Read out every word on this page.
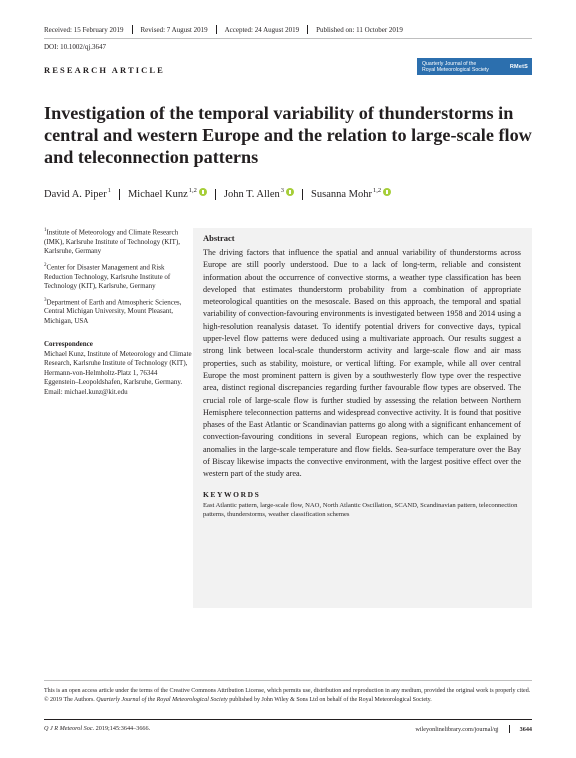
Received: 15 February 2019 Revised: 7 August 2019 Accepted: 24 August 2019 Published on: 11 October 2019
DOI: 10.1002/qj.3647
RESEARCH ARTICLE
Quarterly Journal of the
Royal Meteorological Society	RMetS
Investigation of the temporal variability of thunderstorms in central and western Europe and the relation to large-scale flow and teleconnection patterns
David A. Piper$^1$ Michael Kunz$^{1,2}$	John T. Allen$^3$	Susanna Mohr$^{1,2}$

$^1$Institute of Meteorology and Climate Research (IMK), Karlsruhe Institute of Technology (KIT), Karlsruhe, Germany

$^2$Center for Disaster Management and Risk Reduction Technology, Karlsruhe Institute of Technology (KIT), Karlsruhe, Germany

$^3$Department of Earth and Atmospheric Sciences, Central Michigan University, Mount Pleasant, Michigan, USA

Correspondence
Michael Kunz, Institute of Meteorology and Climate Research, Karlsruhe Institute of Technology (KIT), Hermann-von-Helmholtz-Platz 1, 76344 Eggenstein–Leopoldshafen, Karlsruhe, Germany.
Email: michael.kunz@kit.edu
Abstract

The driving factors that influence the spatial and annual variability of thunderstorms across Europe are still poorly understood. Due to a lack of long-term, reliable and consistent information about the occurrence of convective storms, a weather type classification has been developed that estimates thunderstorm probability from a combination of appropriate meteorological quantities on the mesoscale. Based on this approach, the temporal and spatial variability of convection-favouring environments is investigated between 1958 and 2014 using a high-resolution reanalysis dataset. To identify potential drivers for convective days, typical upper-level flow patterns were deduced using a multivariate approach. Our results suggest a strong link between local-scale thunderstorm activity and large-scale flow and air mass properties, such as stability, moisture, or vertical lifting. For example, while all over central Europe the most prominent pattern is given by a southwesterly flow type over the respective area, distinct regional discrepancies regarding further favourable flow types are observed. The crucial role of large-scale flow is further studied by assessing the relation between Northern Hemisphere teleconnection patterns and widespread convective activity. It is found that positive phases of the East Atlantic or Scandinavian patterns go along with a significant enhancement of convection-favouring conditions in several European regions, which can be explained by anomalies in the large-scale temperature and flow fields. Sea-surface temperature over the Bay of Biscay likewise impacts the convective environment, with the largest positive effect over the western part of the study area.

KEYWORDS

East Atlantic pattern, large-scale flow, NAO, North Atlantic Oscillation, SCAND, Scandinavian pattern, teleconnection patterns, thunderstorms, weather classification schemes

This is an open access article under the terms of the Creative Commons Attribution License, which permits use, distribution and reproduction in any medium, provided the original work is properly cited.
© 2019 The Authors. Quarterly Journal of the Royal Meteorological Society published by John Wiley & Sons Ltd on behalf of the Royal Meteorological Society.
Q J R Meteorol Soc. 2019;145:3644–3666.	wileyonlinelibrary.com/journal/qj	3644
